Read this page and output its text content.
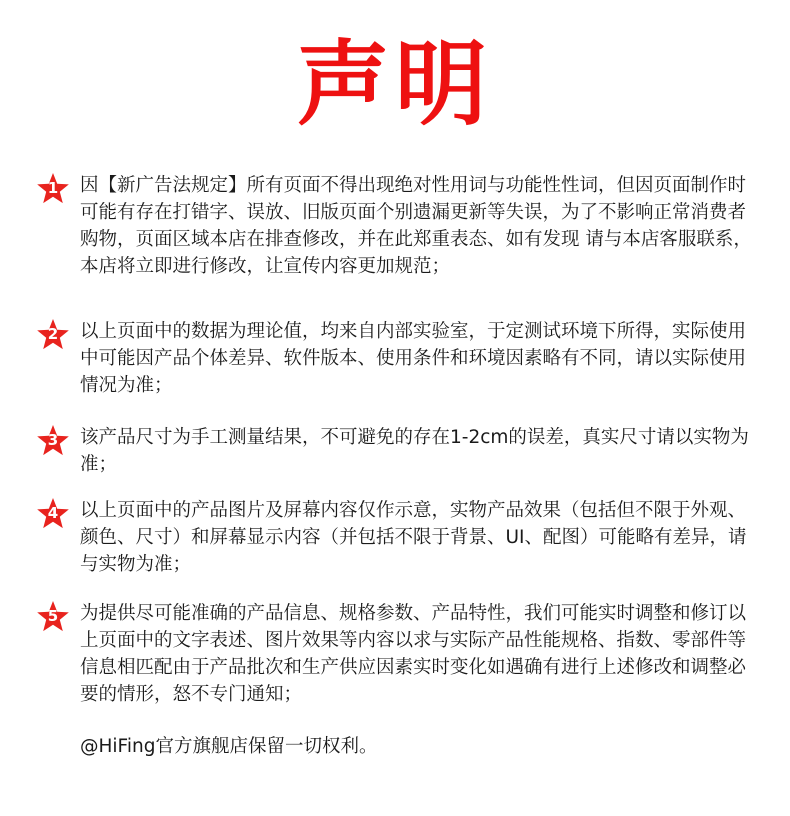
声明
1	因【新广告法规定】所有页面不得出现绝对性用词与功能性性词，但因页面制作时可能有存在打错字、误放、旧版页面个别遗漏更新等失误，为了不影响正常消费者购物，页面区域本店在排查修改，并在此郑重表态、如有发现 请与本店客服联系，本店将立即进行修改，让宣传内容更加规范；

2	以上页面中的数据为理论值，均来自内部实验室，于定测试环境下所得，实际使用中可能因产品个体差异、软件版本、使用条件和环境因素略有不同，请以实际使用情况为准；

3	该产品尺寸为手工测量结果，不可避免的存在1-2cm的误差，真实尺寸请以实物为准；

4	以上页面中的产品图片及屏幕内容仅作示意，实物产品效果（包括但不限于外观、颜色、尺寸）和屏幕显示内容（并包括不限于背景、UI、配图）可能略有差异，请与实物为准；

5	为提供尽可能准确的产品信息、规格参数、产品特性，我们可能实时调整和修订以上页面中的文字表述、图片效果等内容以求与实际产品性能规格、指数、零部件等信息相匹配由于产品批次和生产供应因素实时变化如遇确有进行上述修改和调整必要的情形，怒不专门通知；

@HiFing官方旗舰店保留一切权利。
